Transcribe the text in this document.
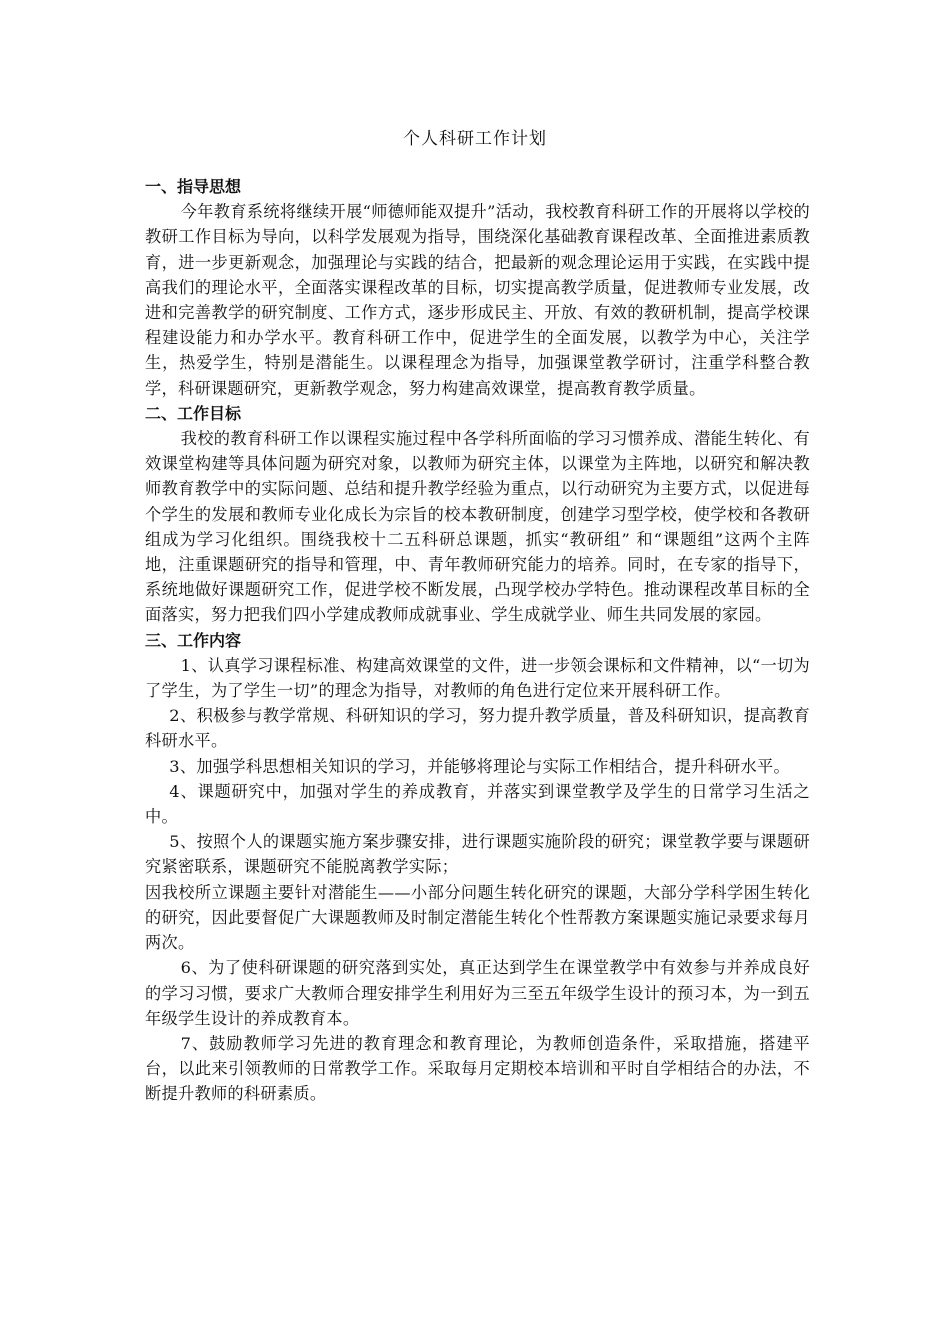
个人科研工作计划

一、指导思想

今年教育系统将继续开展“师德师能双提升”活动，我校教育科研工作的开展将以学校的教研工作目标为导向，以科学发展观为指导，围绕深化基础教育课程改革、全面推进素质教育，进一步更新观念，加强理论与实践的结合，把最新的观念理论运用于实践，在实践中提高我们的理论水平，全面落实课程改革的目标，切实提高教学质量，促进教师专业发展，改进和完善教学的研究制度、工作方式，逐步形成民主、开放、有效的教研机制，提高学校课程建设能力和办学水平。教育科研工作中，促进学生的全面发展，以教学为中心，关注学生，热爱学生，特别是潜能生。以课程理念为指导，加强课堂教学研讨，注重学科整合教学，科研课题研究，更新教学观念，努力构建高效课堂，提高教育教学质量。

二、工作目标

我校的教育科研工作以课程实施过程中各学科所面临的学习习惯养成、潜能生转化、有效课堂构建等具体问题为研究对象，以教师为研究主体，以课堂为主阵地，以研究和解决教师教育教学中的实际问题、总结和提升教学经验为重点，以行动研究为主要方式，以促进每个学生的发展和教师专业化成长为宗旨的校本教研制度，创建学习型学校，使学校和各教研组成为学习化组织。围绕我校十二五科研总课题，抓实“教研组” 和“课题组”这两个主阵地，注重课题研究的指导和管理，中、青年教师研究能力的培养。同时，在专家的指导下，系统地做好课题研究工作，促进学校不断发展，凸现学校办学特色。推动课程改革目标的全面落实，努力把我们四小学建成教师成就事业、学生成就学业、师生共同发展的家园。

三、工作内容

1、认真学习课程标准、构建高效课堂的文件，进一步领会课标和文件精神，以“一切为了学生，为了学生一切”的理念为指导，对教师的角色进行定位来开展科研工作。

2、积极参与教学常规、科研知识的学习，努力提升教学质量，普及科研知识，提高教育科研水平。

3、加强学科思想相关知识的学习，并能够将理论与实际工作相结合，提升科研水平。

4、课题研究中，加强对学生的养成教育，并落实到课堂教学及学生的日常学习生活之中。

5、按照个人的课题实施方案步骤安排，进行课题实施阶段的研究；课堂教学要与课题研究紧密联系，课题研究不能脱离教学实际；

因我校所立课题主要针对潜能生——小部分问题生转化研究的课题，大部分学科学困生转化的研究，因此要督促广大课题教师及时制定潜能生转化个性帮教方案课题实施记录要求每月两次。

6、为了使科研课题的研究落到实处，真正达到学生在课堂教学中有效参与并养成良好的学习习惯，要求广大教师合理安排学生利用好为三至五年级学生设计的预习本，为一到五年级学生设计的养成教育本。

7、鼓励教师学习先进的教育理念和教育理论，为教师创造条件，采取措施，搭建平台，以此来引领教师的日常教学工作。采取每月定期校本培训和平时自学相结合的办法，不断提升教师的科研素质。
